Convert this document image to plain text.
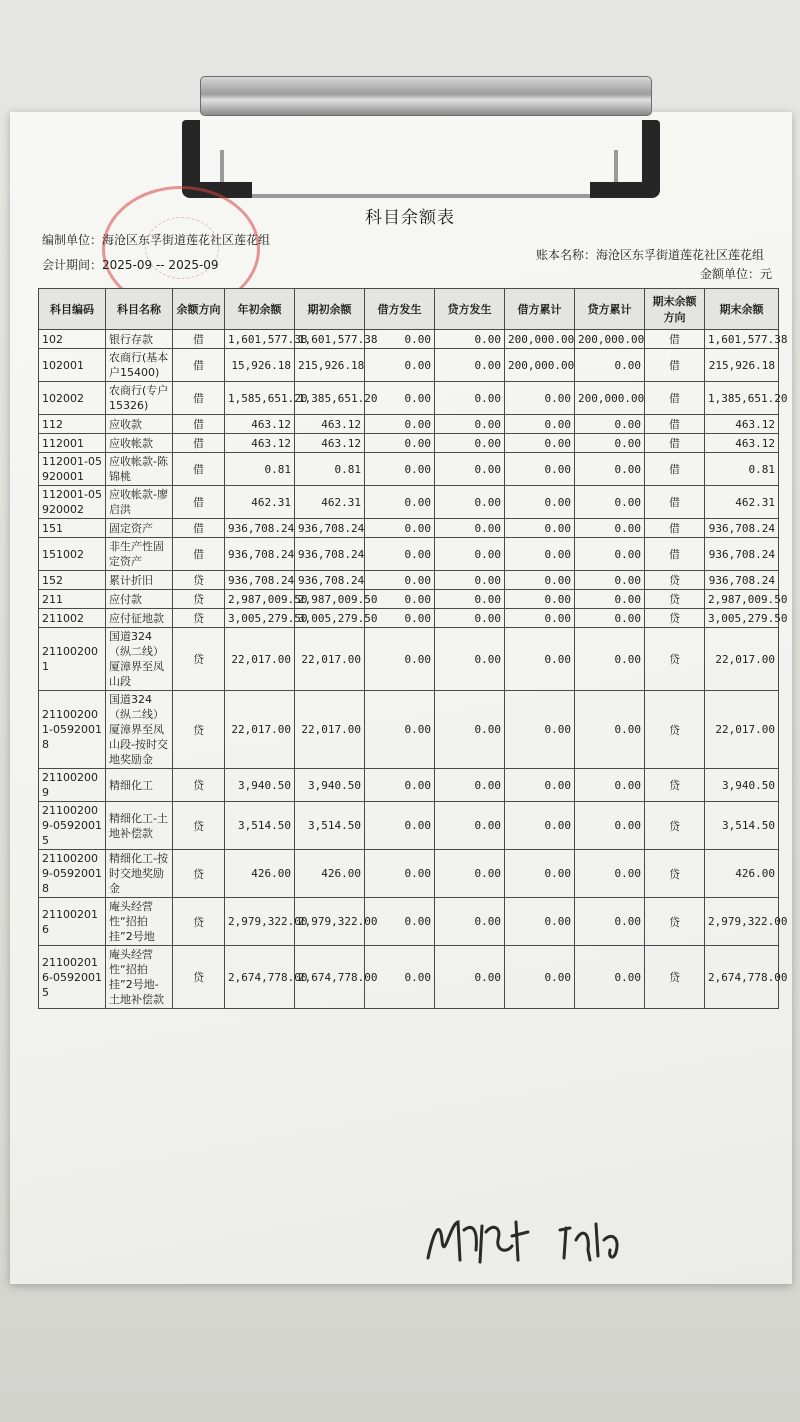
科目余额表
编制单位：海沧区东孚街道莲花社区莲花组
会计期间：2025-09 -- 2025-09
账本名称：海沧区东孚街道莲花社区莲花组
金额单位：元
科目编码	科目名称	余额方向	年初余额	期初余额	借方发生	贷方发生	借方累计	贷方累计	期末余额方向	期末余额
102	银行存款	借	1,601,577.38	1,601,577.38	0.00	0.00	200,000.00	200,000.00	借	1,601,577.38
102001	农商行(基本户15400)	借	15,926.18	215,926.18	0.00	0.00	200,000.00	0.00	借	215,926.18
102002	农商行(专户15326)	借	1,585,651.20	1,385,651.20	0.00	0.00	0.00	200,000.00	借	1,385,651.20
112	应收款	借	463.12	463.12	0.00	0.00	0.00	0.00	借	463.12
112001	应收帐款	借	463.12	463.12	0.00	0.00	0.00	0.00	借	463.12
112001-05920001	应收帐款-陈锦桃	借	0.81	0.81	0.00	0.00	0.00	0.00	借	0.81
112001-05920002	应收帐款-廖启洪	借	462.31	462.31	0.00	0.00	0.00	0.00	借	462.31
151	固定资产	借	936,708.24	936,708.24	0.00	0.00	0.00	0.00	借	936,708.24
151002	非生产性固定资产	借	936,708.24	936,708.24	0.00	0.00	0.00	0.00	借	936,708.24
152	累计折旧	贷	936,708.24	936,708.24	0.00	0.00	0.00	0.00	贷	936,708.24
211	应付款	贷	2,987,009.50	2,987,009.50	0.00	0.00	0.00	0.00	贷	2,987,009.50
211002	应付征地款	贷	3,005,279.50	3,005,279.50	0.00	0.00	0.00	0.00	贷	3,005,279.50
211002001	国道324（纵二线）厦漳界至凤山段	贷	22,017.00	22,017.00	0.00	0.00	0.00	0.00	贷	22,017.00
211002001-05920018	国道324（纵二线）厦漳界至凤山段-按时交地奖励金	贷	22,017.00	22,017.00	0.00	0.00	0.00	0.00	贷	22,017.00
211002009	精细化工	贷	3,940.50	3,940.50	0.00	0.00	0.00	0.00	贷	3,940.50
211002009-05920015	精细化工-土地补偿款	贷	3,514.50	3,514.50	0.00	0.00	0.00	0.00	贷	3,514.50
211002009-05920018	精细化工-按时交地奖励金	贷	426.00	426.00	0.00	0.00	0.00	0.00	贷	426.00
211002016	庵头经营性“招拍挂”2号地	贷	2,979,322.00	2,979,322.00	0.00	0.00	0.00	0.00	贷	2,979,322.00
211002016-05920015	庵头经营性“招拍挂”2号地-土地补偿款	贷	2,674,778.00	2,674,778.00	0.00	0.00	0.00	0.00	贷	2,674,778.00
